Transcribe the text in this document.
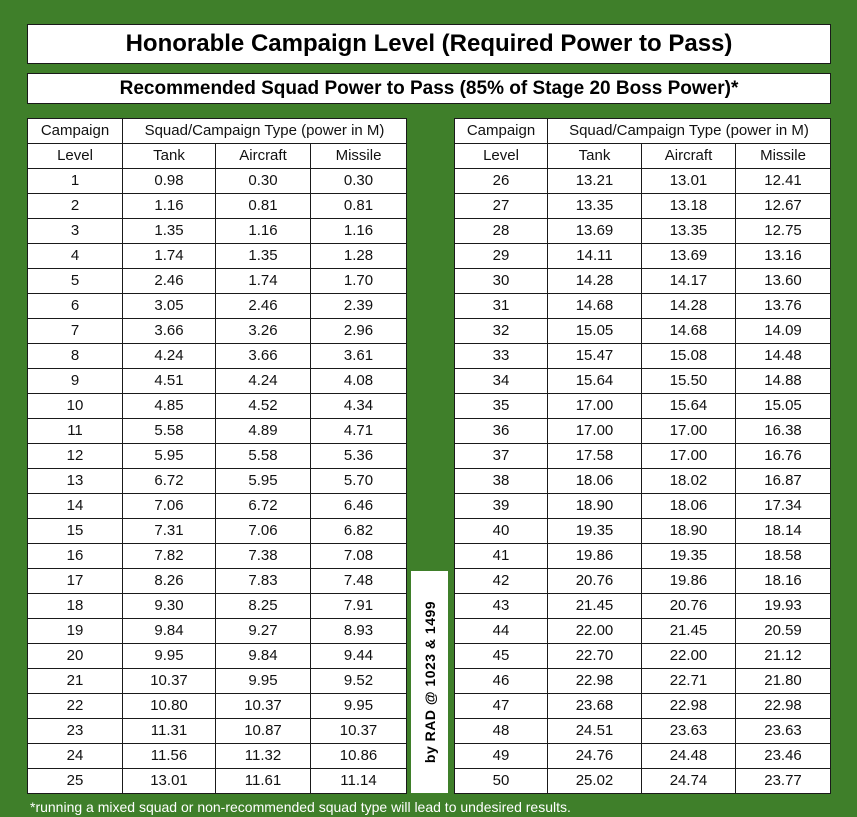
Honorable Campaign Level (Required Power to Pass)
Recommended Squad Power to Pass (85% of Stage 20 Boss Power)*
Campaign	Squad/Campaign Type (power in M)		
Level	Tank	Aircraft	Missile
1	0.98	0.30	0.30
2	1.16	0.81	0.81
3	1.35	1.16	1.16
4	1.74	1.35	1.28
5	2.46	1.74	1.70
6	3.05	2.46	2.39
7	3.66	3.26	2.96
8	4.24	3.66	3.61
9	4.51	4.24	4.08
10	4.85	4.52	4.34
11	5.58	4.89	4.71
12	5.95	5.58	5.36
13	6.72	5.95	5.70
14	7.06	6.72	6.46
15	7.31	7.06	6.82
16	7.82	7.38	7.08
17	8.26	7.83	7.48
18	9.30	8.25	7.91
19	9.84	9.27	8.93
20	9.95	9.84	9.44
21	10.37	9.95	9.52
22	10.80	10.37	9.95
23	11.31	10.87	10.37
24	11.56	11.32	10.86
25	13.01	11.61	11.14
by RAD @ 1023 & 1499
Campaign	Squad/Campaign Type (power in M)		
Level	Tank	Aircraft	Missile
26	13.21	13.01	12.41
27	13.35	13.18	12.67
28	13.69	13.35	12.75
29	14.11	13.69	13.16
30	14.28	14.17	13.60
31	14.68	14.28	13.76
32	15.05	14.68	14.09
33	15.47	15.08	14.48
34	15.64	15.50	14.88
35	17.00	15.64	15.05
36	17.00	17.00	16.38
37	17.58	17.00	16.76
38	18.06	18.02	16.87
39	18.90	18.06	17.34
40	19.35	18.90	18.14
41	19.86	19.35	18.58
42	20.76	19.86	18.16
43	21.45	20.76	19.93
44	22.00	21.45	20.59
45	22.70	22.00	21.12
46	22.98	22.71	21.80
47	23.68	22.98	22.98
48	24.51	23.63	23.63
49	24.76	24.48	23.46
50	25.02	24.74	23.77
*running a mixed squad or non-recommended squad type will lead to undesired results.
